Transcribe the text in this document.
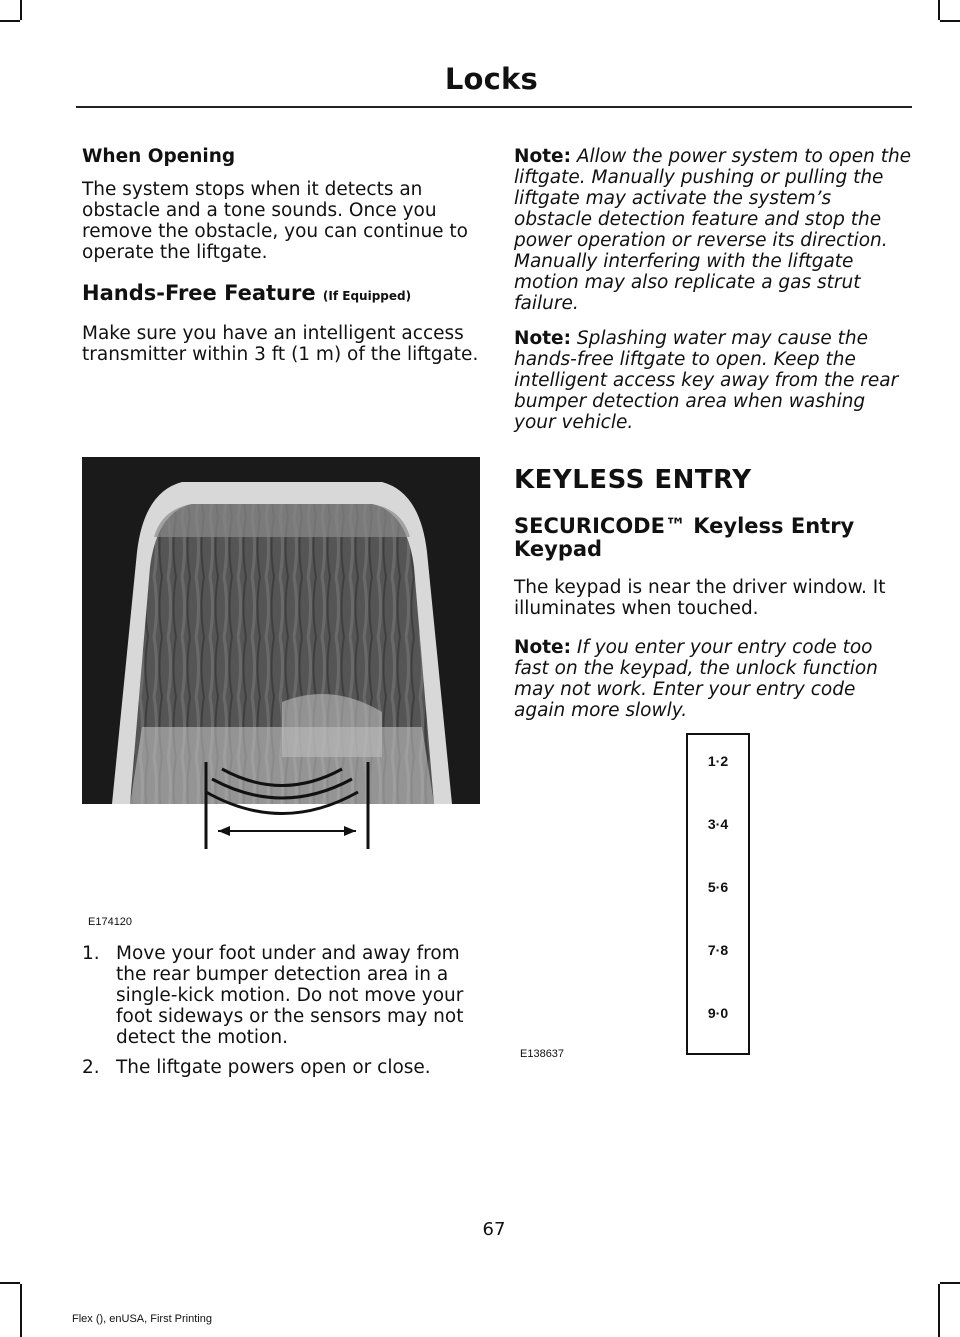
Locks

When Opening

The system stops when it detects an obstacle and a tone sounds. Once you remove the obstacle, you can continue to operate the liftgate.

Hands-Free Feature (If Equipped)

Make sure you have an intelligent access transmitter within 3 ft (1 m) of the liftgate.

E174120
1. Move your foot under and away from the rear bumper detection area in a single-kick motion. Do not move your foot sideways or the sensors may not detect the motion.
2. The liftgate powers open or close.

Note: Allow the power system to open the liftgate. Manually pushing or pulling the liftgate may activate the system’s obstacle detection feature and stop the power operation or reverse its direction. Manually interfering with the liftgate motion may also replicate a gas strut failure.

Note: Splashing water may cause the hands-free liftgate to open. Keep the intelligent access key away from the rear bumper detection area when washing your vehicle.

KEYLESS ENTRY
SECURICODE™ Keyless Entry Keypad

The keypad is near the driver window. It illuminates when touched.

Note: If you enter your entry code too fast on the keypad, the unlock function may not work. Enter your entry code again more slowly.

1·2
3·4
5·6
7·8
9·0
E138637
67
Flex (), enUSA, First Printing
